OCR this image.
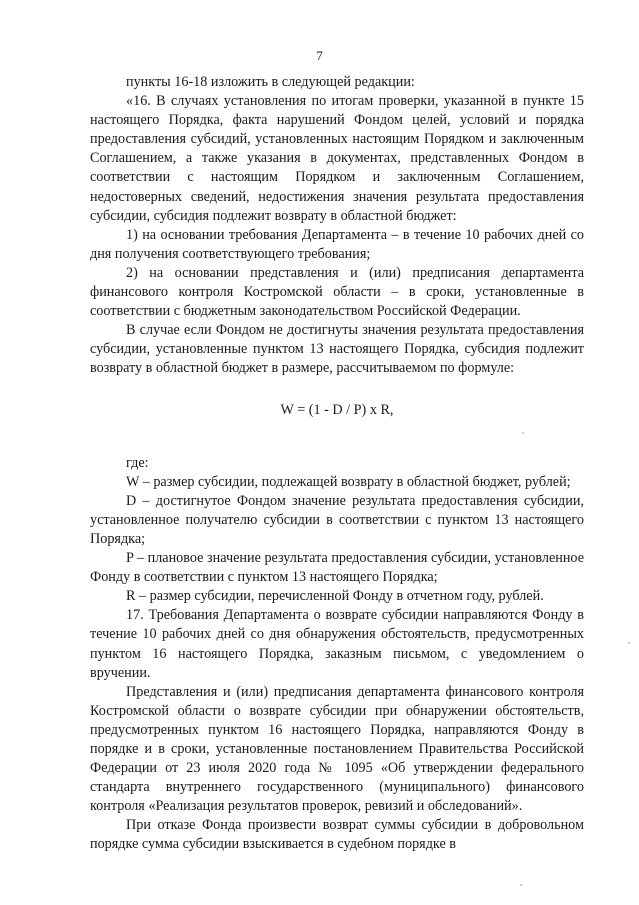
7

пункты 16-18 изложить в следующей редакции:

«16. В случаях установления по итогам проверки, указанной в пункте 15 настоящего Порядка, факта нарушений Фондом целей, условий и порядка предоставления субсидий, установленных настоящим Порядком и заключенным Соглашением, а также указания в документах, представленных Фондом в соответствии с настоящим Порядком и заключенным Соглашением, недостоверных сведений, недостижения значения результата предоставления субсидии, субсидия подлежит возврату в областной бюджет:

1) на основании требования Департамента – в течение 10 рабочих дней со дня получения соответствующего требования;

2) на основании представления и (или) предписания департамента финансового контроля Костромской области – в сроки, установленные в соответствии с бюджетным законодательством Российской Федерации.

В случае если Фондом не достигнуты значения результата предоставления субсидии, установленные пунктом 13 настоящего Порядка, субсидия подлежит возврату в областной бюджет в размере, рассчитываемом по формуле:

W = (1 - D / P) x R,

где:

W – размер субсидии, подлежащей возврату в областной бюджет, рублей;

D – достигнутое Фондом значение результата предоставления субсидии, установленное получателю субсидии в соответствии с пунктом 13 настоящего Порядка;

P – плановое значение результата предоставления субсидии, установленное Фонду в соответствии с пунктом 13 настоящего Порядка;

R – размер субсидии, перечисленной Фонду в отчетном году, рублей.

17. Требования Департамента о возврате субсидии направляются Фонду в течение 10 рабочих дней со дня обнаружения обстоятельств, предусмотренных пунктом 16 настоящего Порядка, заказным письмом, с уведомлением о вручении.

Представления и (или) предписания департамента финансового контроля Костромской области о возврате субсидии при обнаружении обстоятельств, предусмотренных пунктом 16 настоящего Порядка, направляются Фонду в порядке и в сроки, установленные постановлением Правительства Российской Федерации от 23 июля 2020 года № 1095 «Об утверждении федерального стандарта внутреннего государственного (муниципального) финансового контроля «Реализация результатов проверок, ревизий и обследований».

При отказе Фонда произвести возврат суммы субсидии в добровольном порядке сумма субсидии взыскивается в судебном порядке в
